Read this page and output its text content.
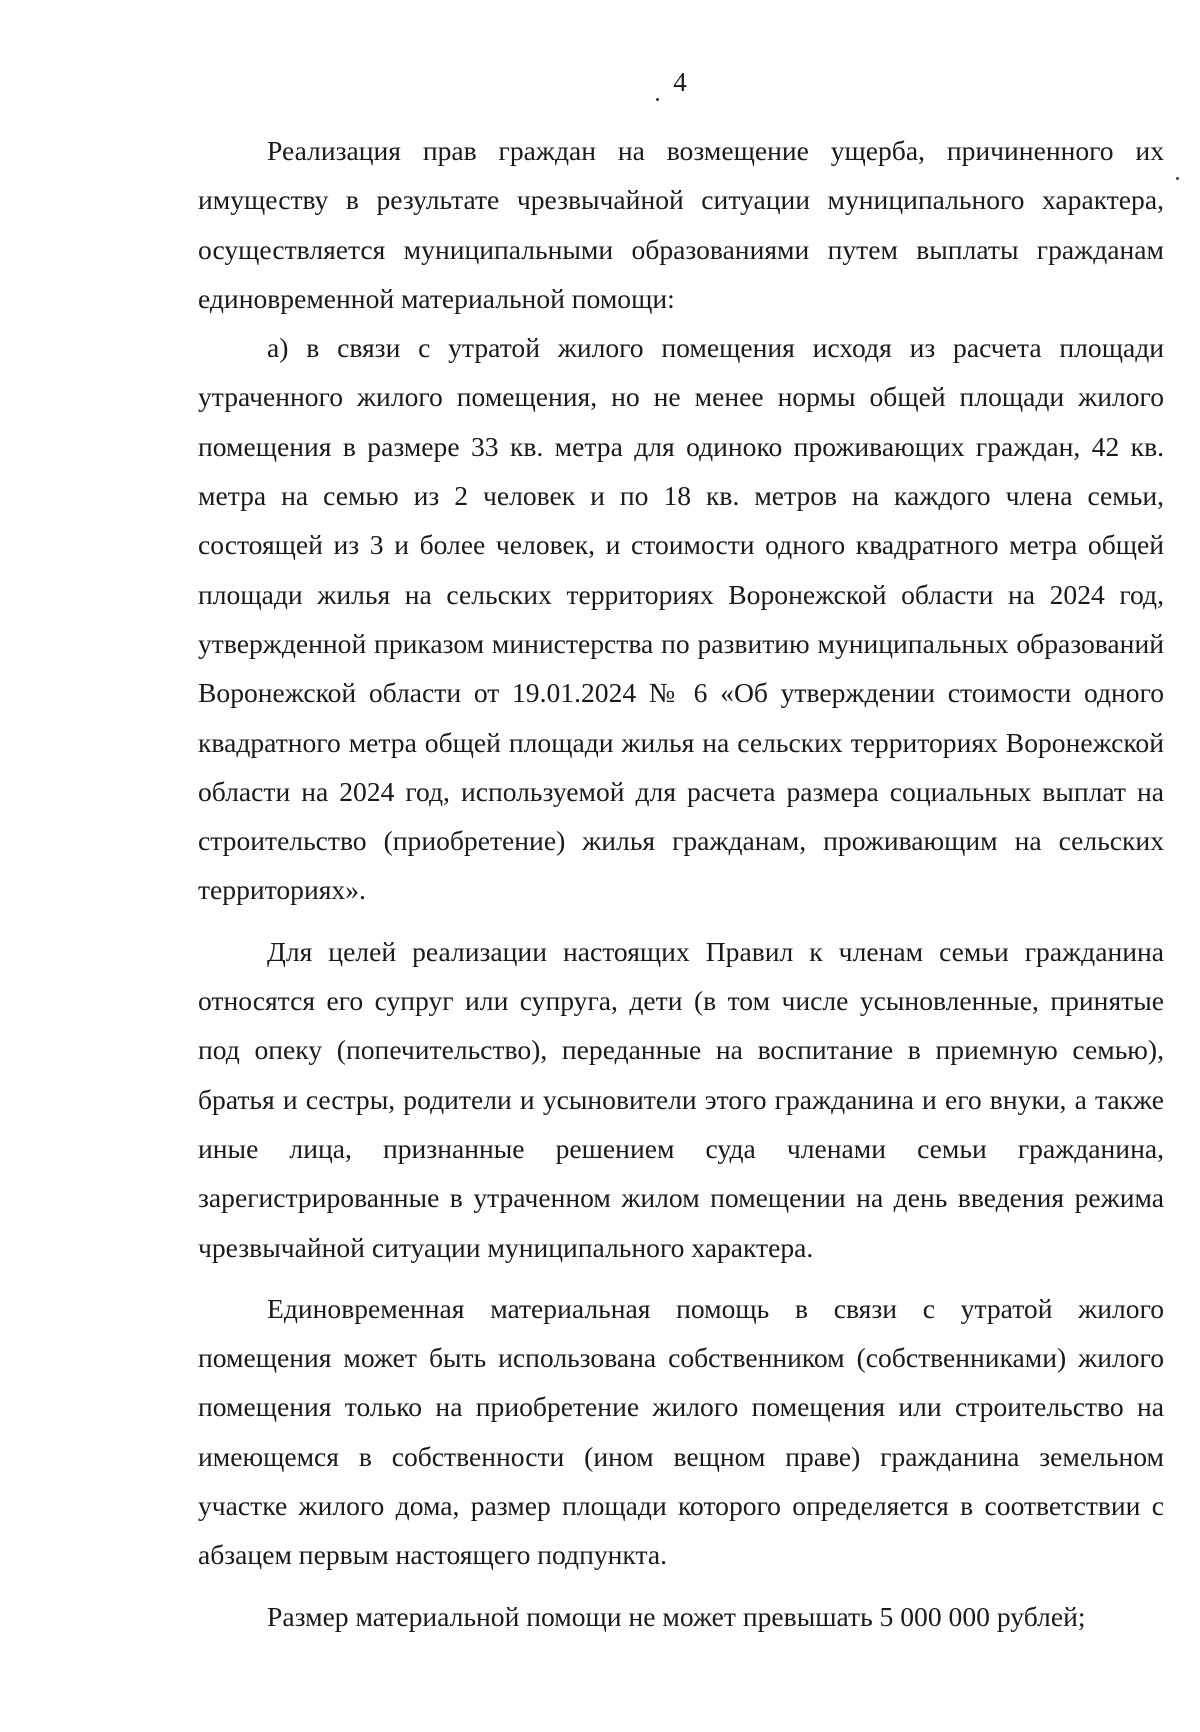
4

Реализация прав граждан на возмещение ущерба, причиненного их имуществу в результате чрезвычайной ситуации муниципального характера, осуществляется муниципальными образованиями путем выплаты гражданам единовременной материальной помощи:

а) в связи с утратой жилого помещения исходя из расчета площади утраченного жилого помещения, но не менее нормы общей площади жилого помещения в размере 33 кв. метра для одиноко проживающих граждан, 42 кв. метра на семью из 2 человек и по 18 кв. метров на каждого члена семьи, состоящей из 3 и более человек, и стоимости одного квадратного метра общей площади жилья на сельских территориях Воронежской области на 2024 год, утвержденной приказом министерства по развитию муниципальных образований Воронежской области от 19.01.2024 № 6 «Об утверждении стоимости одного квадратного метра общей площади жилья на сельских территориях Воронежской области на 2024 год, используемой для расчета размера социальных выплат на строительство (приобретение) жилья гражданам, проживающим на сельских территориях».

Для целей реализации настоящих Правил к членам семьи гражданина относятся его супруг или супруга, дети (в том числе усыновленные, принятые под опеку (попечительство), переданные на воспитание в приемную семью), братья и сестры, родители и усыновители этого гражданина и его внуки, а также иные лица, признанные решением суда членами семьи гражданина, зарегистрированные в утраченном жилом помещении на день введения режима чрезвычайной ситуации муниципального характера.

Единовременная материальная помощь в связи с утратой жилого помещения может быть использована собственником (собственниками) жилого помещения только на приобретение жилого помещения или строительство на имеющемся в собственности (ином вещном праве) гражданина земельном участке жилого дома, размер площади которого определяется в соответствии с абзацем первым настоящего подпункта.

Размер материальной помощи не может превышать 5 000 000 рублей;
